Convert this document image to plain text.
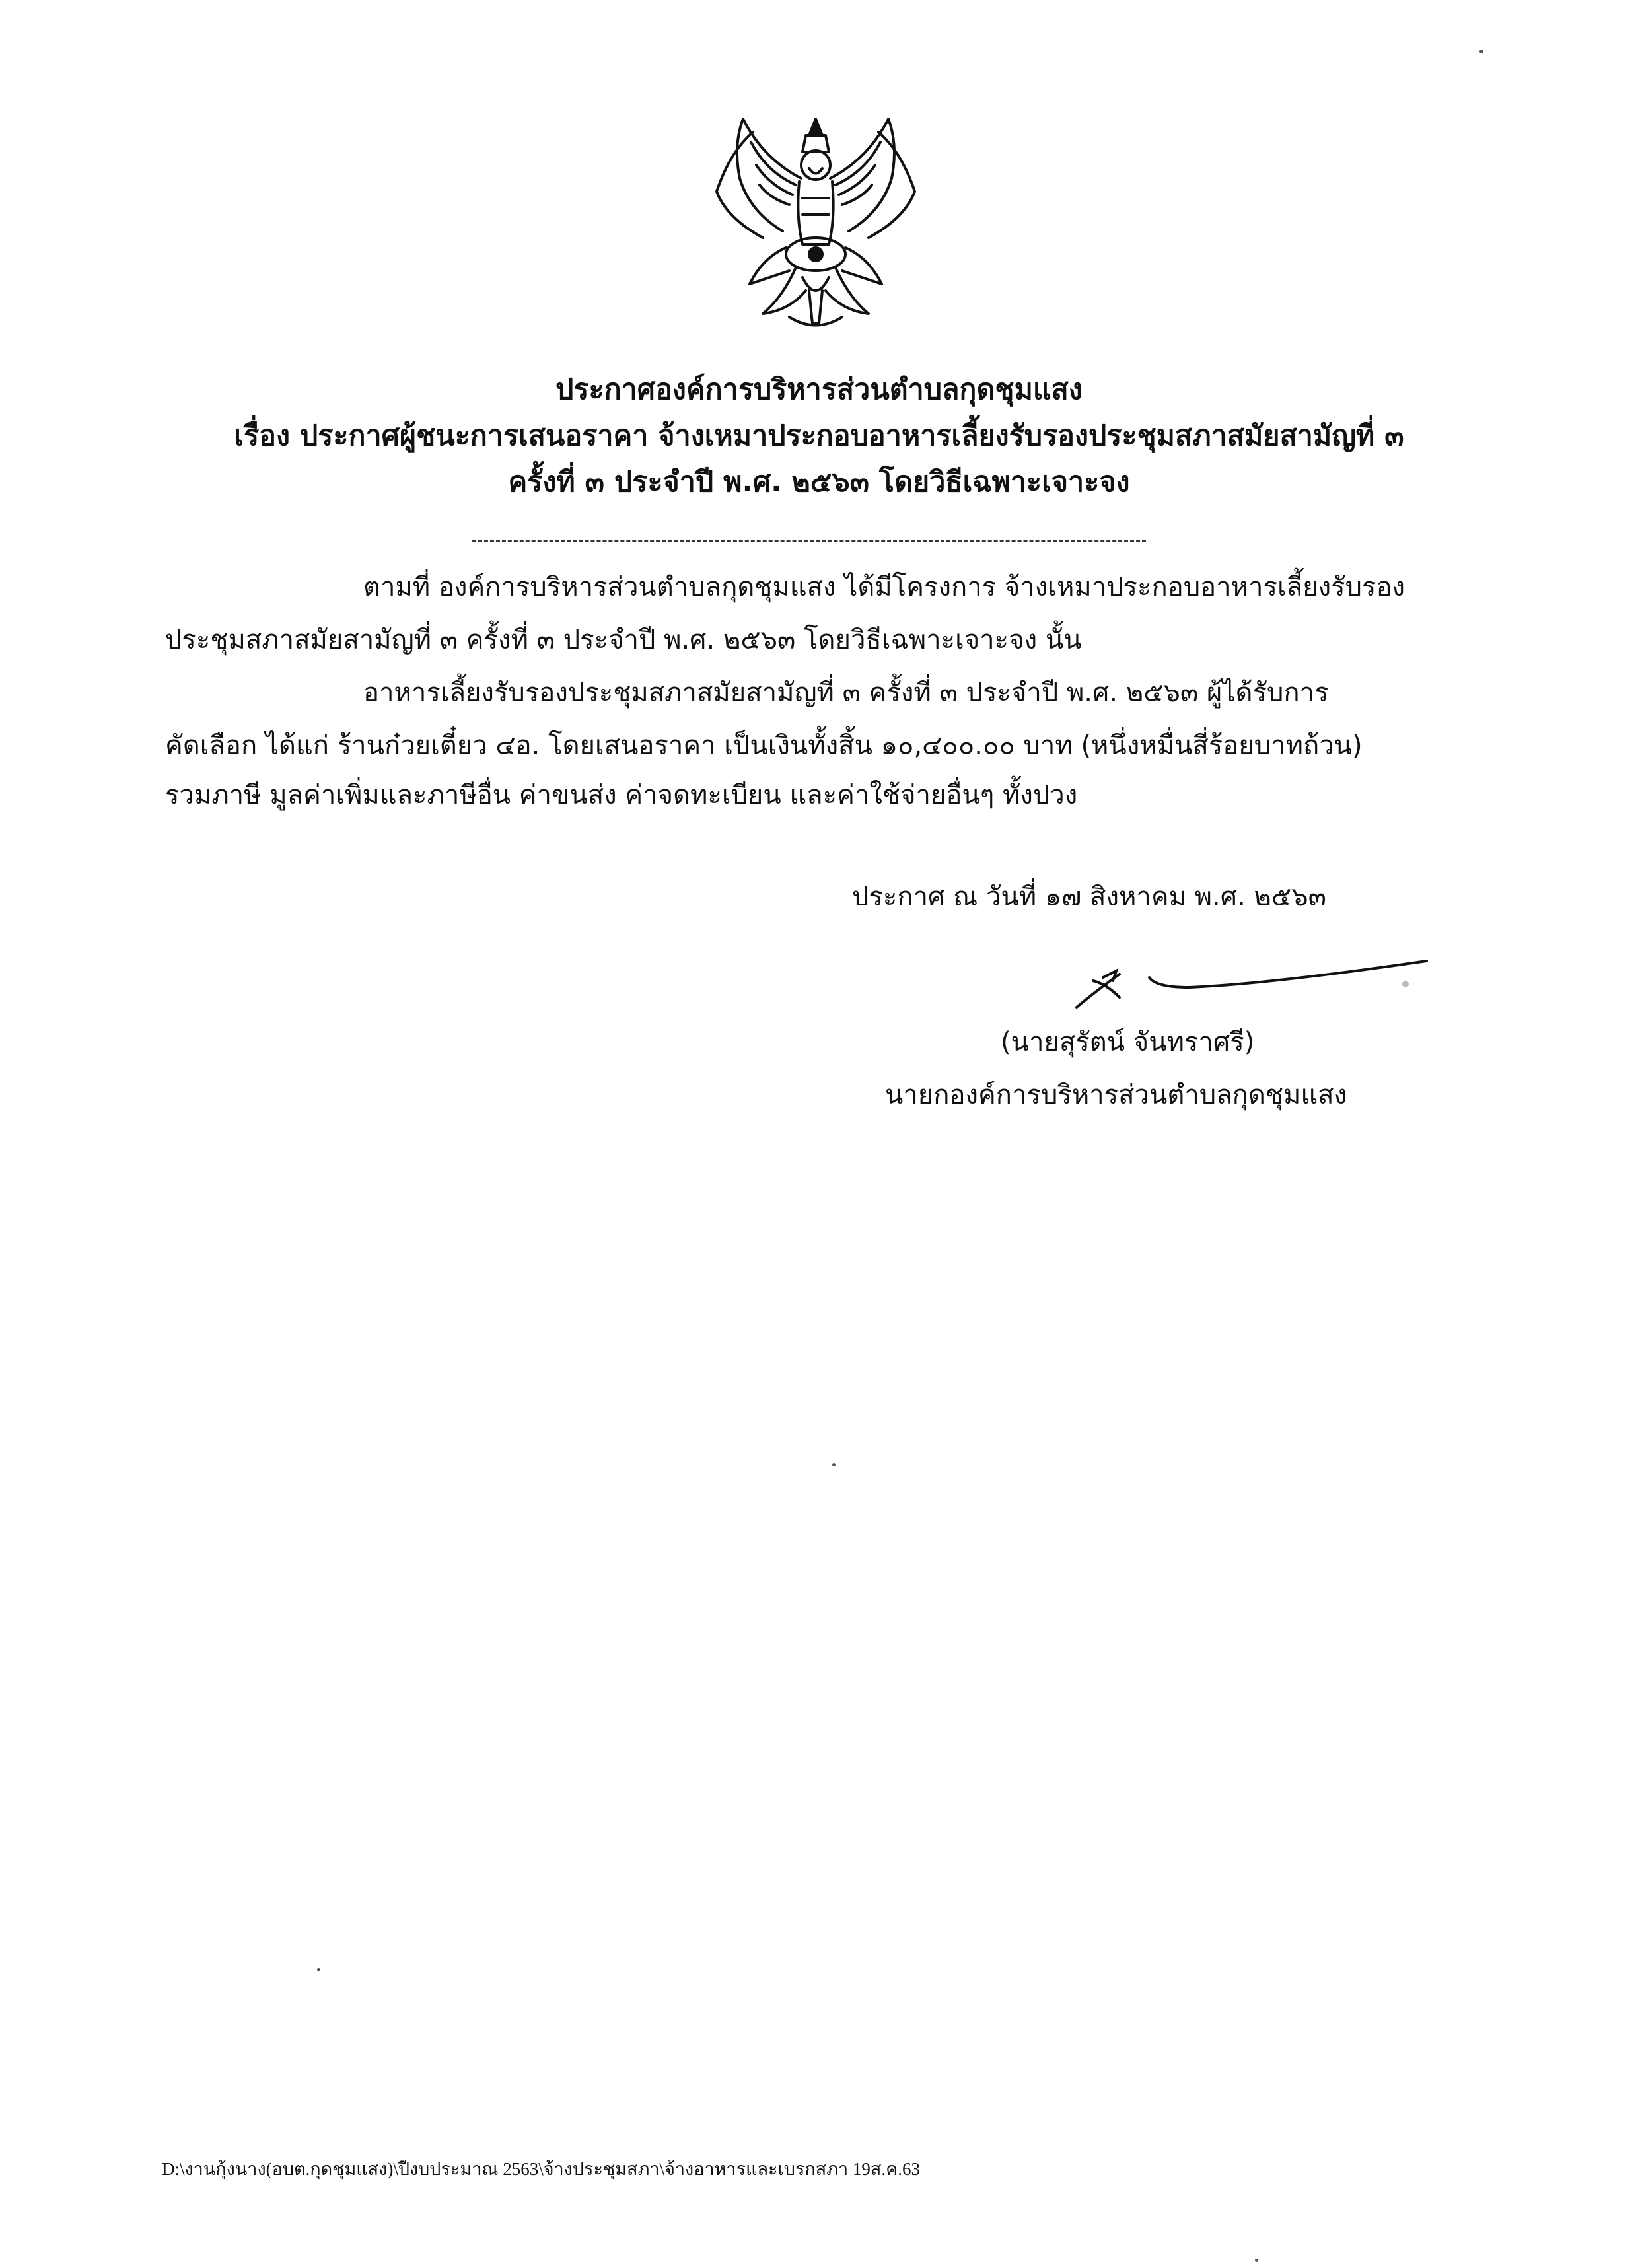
ประกาศองค์การบริหารส่วนตำบลกุดชุมแสง
เรื่อง ประกาศผู้ชนะการเสนอราคา จ้างเหมาประกอบอาหารเลี้ยงรับรองประชุมสภาสมัยสามัญที่ ๓
ครั้งที่ ๓ ประจำปี พ.ศ. ๒๕๖๓ โดยวิธีเฉพาะเจาะจง
ตามที่ องค์การบริหารส่วนตำบลกุดชุมแสง ได้มีโครงการ จ้างเหมาประกอบอาหารเลี้ยงรับรอง
ประชุมสภาสมัยสามัญที่ ๓ ครั้งที่ ๓ ประจำปี พ.ศ. ๒๕๖๓ โดยวิธีเฉพาะเจาะจง นั้น
อาหารเลี้ยงรับรองประชุมสภาสมัยสามัญที่ ๓ ครั้งที่ ๓ ประจำปี พ.ศ. ๒๕๖๓ ผู้ได้รับการ
คัดเลือก ได้แก่ ร้านก๋วยเตี๋ยว ๔อ. โดยเสนอราคา เป็นเงินทั้งสิ้น ๑๐,๔๐๐.๐๐ บาท (หนึ่งหมื่นสี่ร้อยบาทถ้วน)
รวมภาษี มูลค่าเพิ่มและภาษีอื่น ค่าขนส่ง ค่าจดทะเบียน และค่าใช้จ่ายอื่นๆ ทั้งปวง
ประกาศ ณ วันที่ ๑๗ สิงหาคม พ.ศ. ๒๕๖๓
(นายสุรัตน์ จันทราศรี)
นายกองค์การบริหารส่วนตำบลกุดชุมแสง
D:\งานกุ้งนาง(อบต.กุดชุมแสง)\ปีงบประมาณ 2563\จ้างประชุมสภา\จ้างอาหารและเบรกสภา 19ส.ค.63
